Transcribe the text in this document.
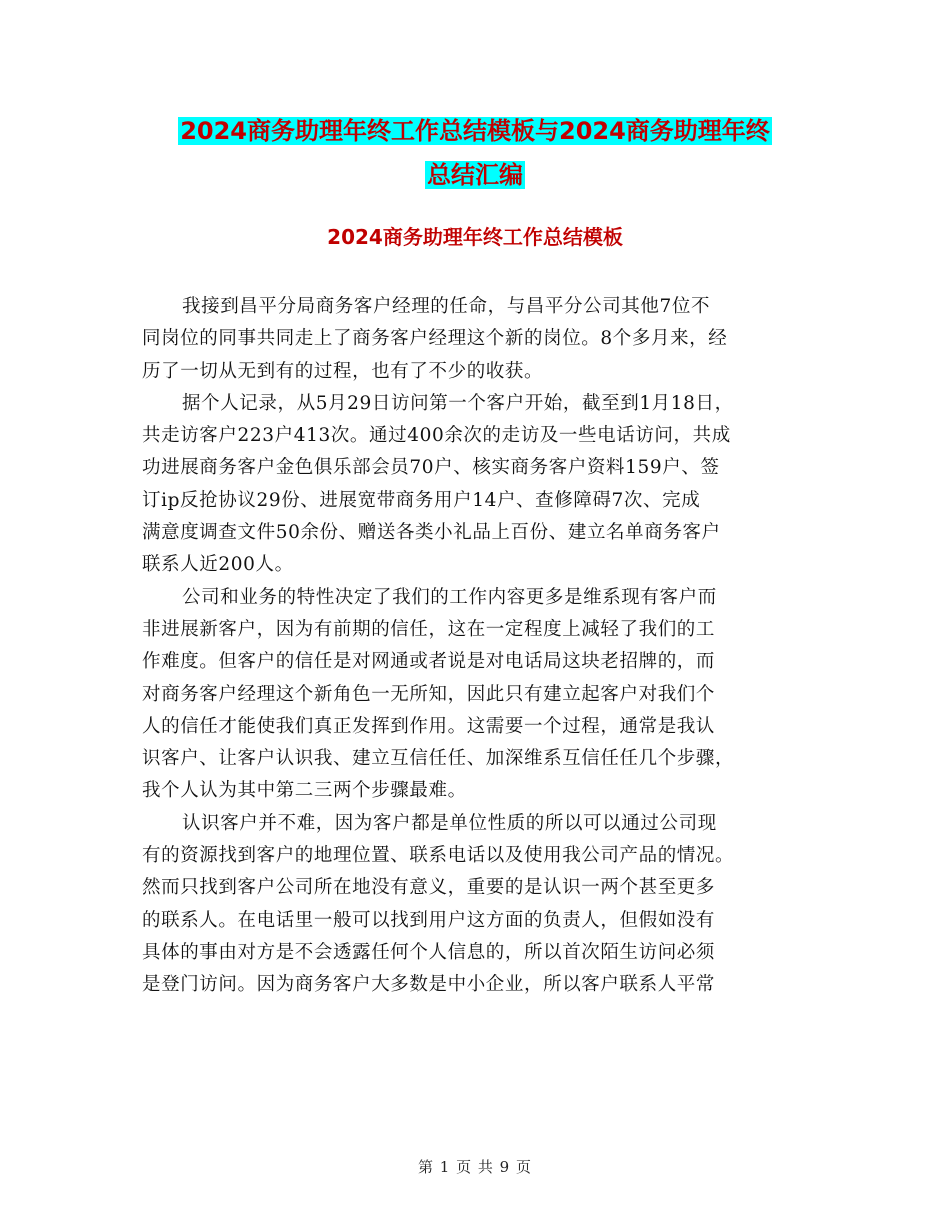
2024商务助理年终工作总结模板与2024商务助理年终
总结汇编
2024商务助理年终工作总结模板
我接到昌平分局商务客户经理的任命，与昌平分公司其他7位不
同岗位的同事共同走上了商务客户经理这个新的岗位。8个多月来，经
历了一切从无到有的过程，也有了不少的收获。
据个人记录，从5月29日访问第一个客户开始，截至到1月18日，
共走访客户223户413次。通过400余次的走访及一些电话访问，共成
功进展商务客户金色俱乐部会员70户、核实商务客户资料159户、签
订ip反抢协议29份、进展宽带商务用户14户、查修障碍7次、完成
满意度调查文件50余份、赠送各类小礼品上百份、建立名单商务客户
联系人近200人。
公司和业务的特性决定了我们的工作内容更多是维系现有客户而
非进展新客户，因为有前期的信任，这在一定程度上减轻了我们的工
作难度。但客户的信任是对网通或者说是对电话局这块老招牌的，而
对商务客户经理这个新角色一无所知，因此只有建立起客户对我们个
人的信任才能使我们真正发挥到作用。这需要一个过程，通常是我认
识客户、让客户认识我、建立互信任任、加深维系互信任任几个步骤，
我个人认为其中第二三两个步骤最难。
认识客户并不难，因为客户都是单位性质的所以可以通过公司现
有的资源找到客户的地理位置、联系电话以及使用我公司产品的情况。
然而只找到客户公司所在地没有意义，重要的是认识一两个甚至更多
的联系人。在电话里一般可以找到用户这方面的负责人，但假如没有
具体的事由对方是不会透露任何个人信息的，所以首次陌生访问必须
是登门访问。因为商务客户大多数是中小企业，所以客户联系人平常
第 1 页 共 9 页
